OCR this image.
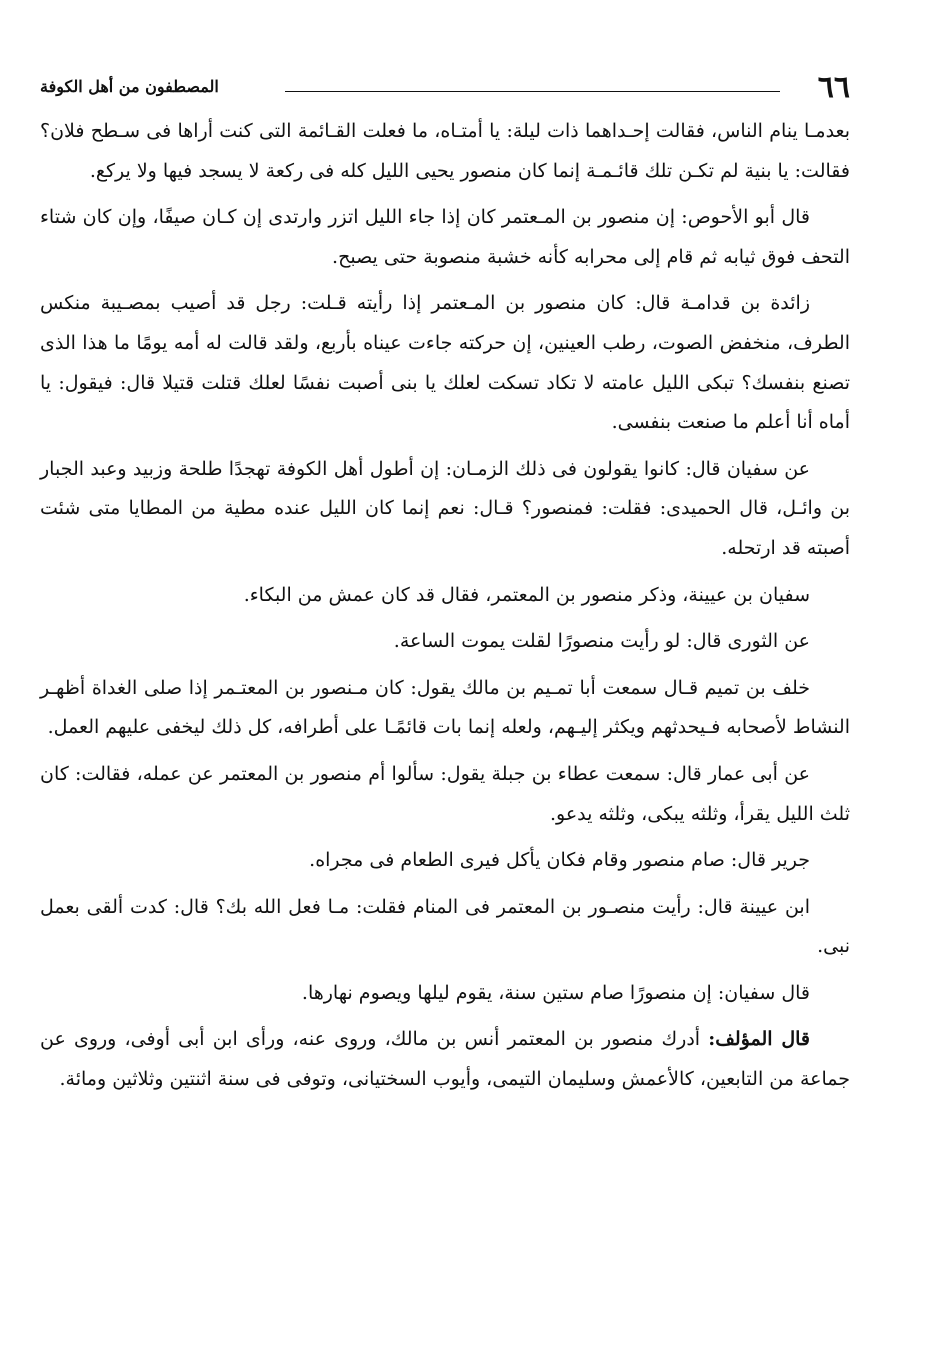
٦٦
المصطفون من أهل الكوفة

بعدمـا ينام الناس، فقالت إحـداهما ذات ليلة: يا أمتـاه، ما فعلت القـائمة التى كنت أراها فى سـطح فلان؟ فقالت: يا بنية لم تكـن تلك قائـمـة إنما كان منصور يحيى الليل كله فى ركعة لا يسجد فيها ولا يركع.

قال أبو الأحوص: إن منصور بن المـعتمر كان إذا جاء الليل اتزر وارتدى إن كـان صيفًا، وإن كان شتاء التحف فوق ثيابه ثم قام إلى محرابه كأنه خشبة منصوبة حتى يصبح.

زائدة بن قدامـة قال: كان منصور بن المـعتمر إذا رأيته قـلت: رجل قد أصيب بمصـيبة منكس الطرف، منخفض الصوت، رطب العينين، إن حركته جاءت عيناه بأربع، ولقد قالت له أمه يومًا ما هذا الذى تصنع بنفسك؟ تبكى الليل عامته لا تكاد تسكت لعلك يا بنى أصبت نفسًا لعلك قتلت قتيلا قال: فيقول: يا أماه أنا أعلم ما صنعت بنفسى.

عن سفيان قال: كانوا يقولون فى ذلك الزمـان: إن أطول أهل الكوفة تهجدًا طلحة وزبيد وعبد الجبار بن وائـل، قال الحميدى: فقلت: فمنصور؟ قـال: نعم إنما كان الليل عنده مطية من المطايا متى شئت أصبته قد ارتحله.

سفيان بن عيينة، وذكر منصور بن المعتمر، فقال قد كان عمش من البكاء.

عن الثورى قال: لو رأيت منصورًا لقلت يموت الساعة.

خلف بن تميم قـال سمعت أبا تمـيم بن مالك يقول: كان مـنصور بن المعتـمر إذا صلى الغداة أظهـر النشاط لأصحابه فـيحدثهم ويكثر إليـهم، ولعله إنما بات قائمًـا على أطرافه، كل ذلك ليخفى عليهم العمل.

عن أبى عمار قال: سمعت عطاء بن جبلة يقول: سألوا أم منصور بن المعتمر عن عمله، فقالت: كان ثلث الليل يقرأ، وثلثه يبكى، وثلثه يدعو.

جرير قال: صام منصور وقام فكان يأكل فيرى الطعام فى مجراه.

ابن عيينة قال: رأيت منصـور بن المعتمر فى المنام فقلت: مـا فعل الله بك؟ قال: كدت ألقى بعمل نبى.

قال سفيان: إن منصورًا صام ستين سنة، يقوم ليلها ويصوم نهارها.

قال المؤلف: أدرك منصور بن المعتمر أنس بن مالك، وروى عنه، ورأى ابن أبى أوفى، وروى عن جماعة من التابعين، كالأعمش وسليمان التيمى، وأيوب السختيانى، وتوفى فى سنة اثنتين وثلاثين ومائة.
